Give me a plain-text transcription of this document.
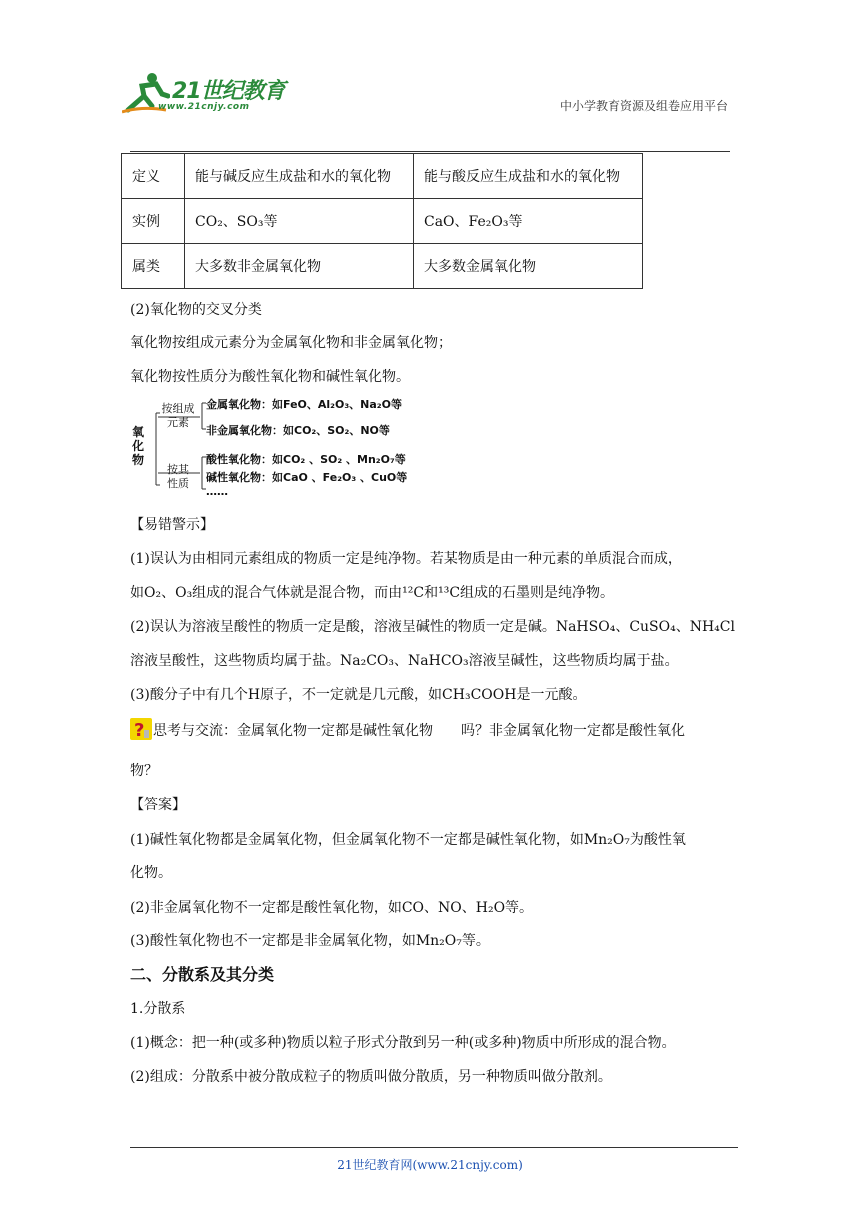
21世纪教育
www.21cnjy.com	中小学教育资源及组卷应用平台
定义	能与碱反应生成盐和水的氧化物	能与酸反应生成盐和水的氧化物
实例	CO₂、SO₃等	CaO、Fe₂O₃等
属类	大多数非金属氧化物	大多数金属氧化物
(2)氧化物的交叉分类
氧化物按组成元素分为金属氧化物和非金属氧化物；
氧化物按性质分为酸性氧化物和碱性氧化物。
氧化物
按组成元素
金属氧化物：如FeO、Al₂O₃、Na₂O等
非金属氧化物：如CO₂、SO₂、NO等
按其性质
酸性氧化物：如CO₂ 、SO₂ 、Mn₂O₇等
碱性氧化物：如CaO 、Fe₂O₃ 、CuO等
……
【易错警示】
(1)误认为由相同元素组成的物质一定是纯净物。若某物质是由一种元素的单质混合而成，
如O₂、O₃组成的混合气体就是混合物，而由¹²C和¹³C组成的石墨则是纯净物。
(2)误认为溶液呈酸性的物质一定是酸，溶液呈碱性的物质一定是碱。NaHSO₄、CuSO₄、NH₄Cl
溶液呈酸性，这些物质均属于盐。Na₂CO₃、NaHCO₃溶液呈碱性，这些物质均属于盐。
(3)酸分子中有几个H原子，不一定就是几元酸，如CH₃COOH是一元酸。
? 思考与交流：金属氧化物一定都是碱性氧化物　　吗？非金属氧化物一定都是酸性氧化
物？
【答案】
(1)碱性氧化物都是金属氧化物，但金属氧化物不一定都是碱性氧化物，如Mn₂O₇为酸性氧
化物。
(2)非金属氧化物不一定都是酸性氧化物，如CO、NO、H₂O等。
(3)酸性氧化物也不一定都是非金属氧化物，如Mn₂O₇等。
二、分散系及其分类
1.分散系
(1)概念：把一种(或多种)物质以粒子形式分散到另一种(或多种)物质中所形成的混合物。
(2)组成：分散系中被分散成粒子的物质叫做分散质，另一种物质叫做分散剂。
21世纪教育网(www.21cnjy.com)
